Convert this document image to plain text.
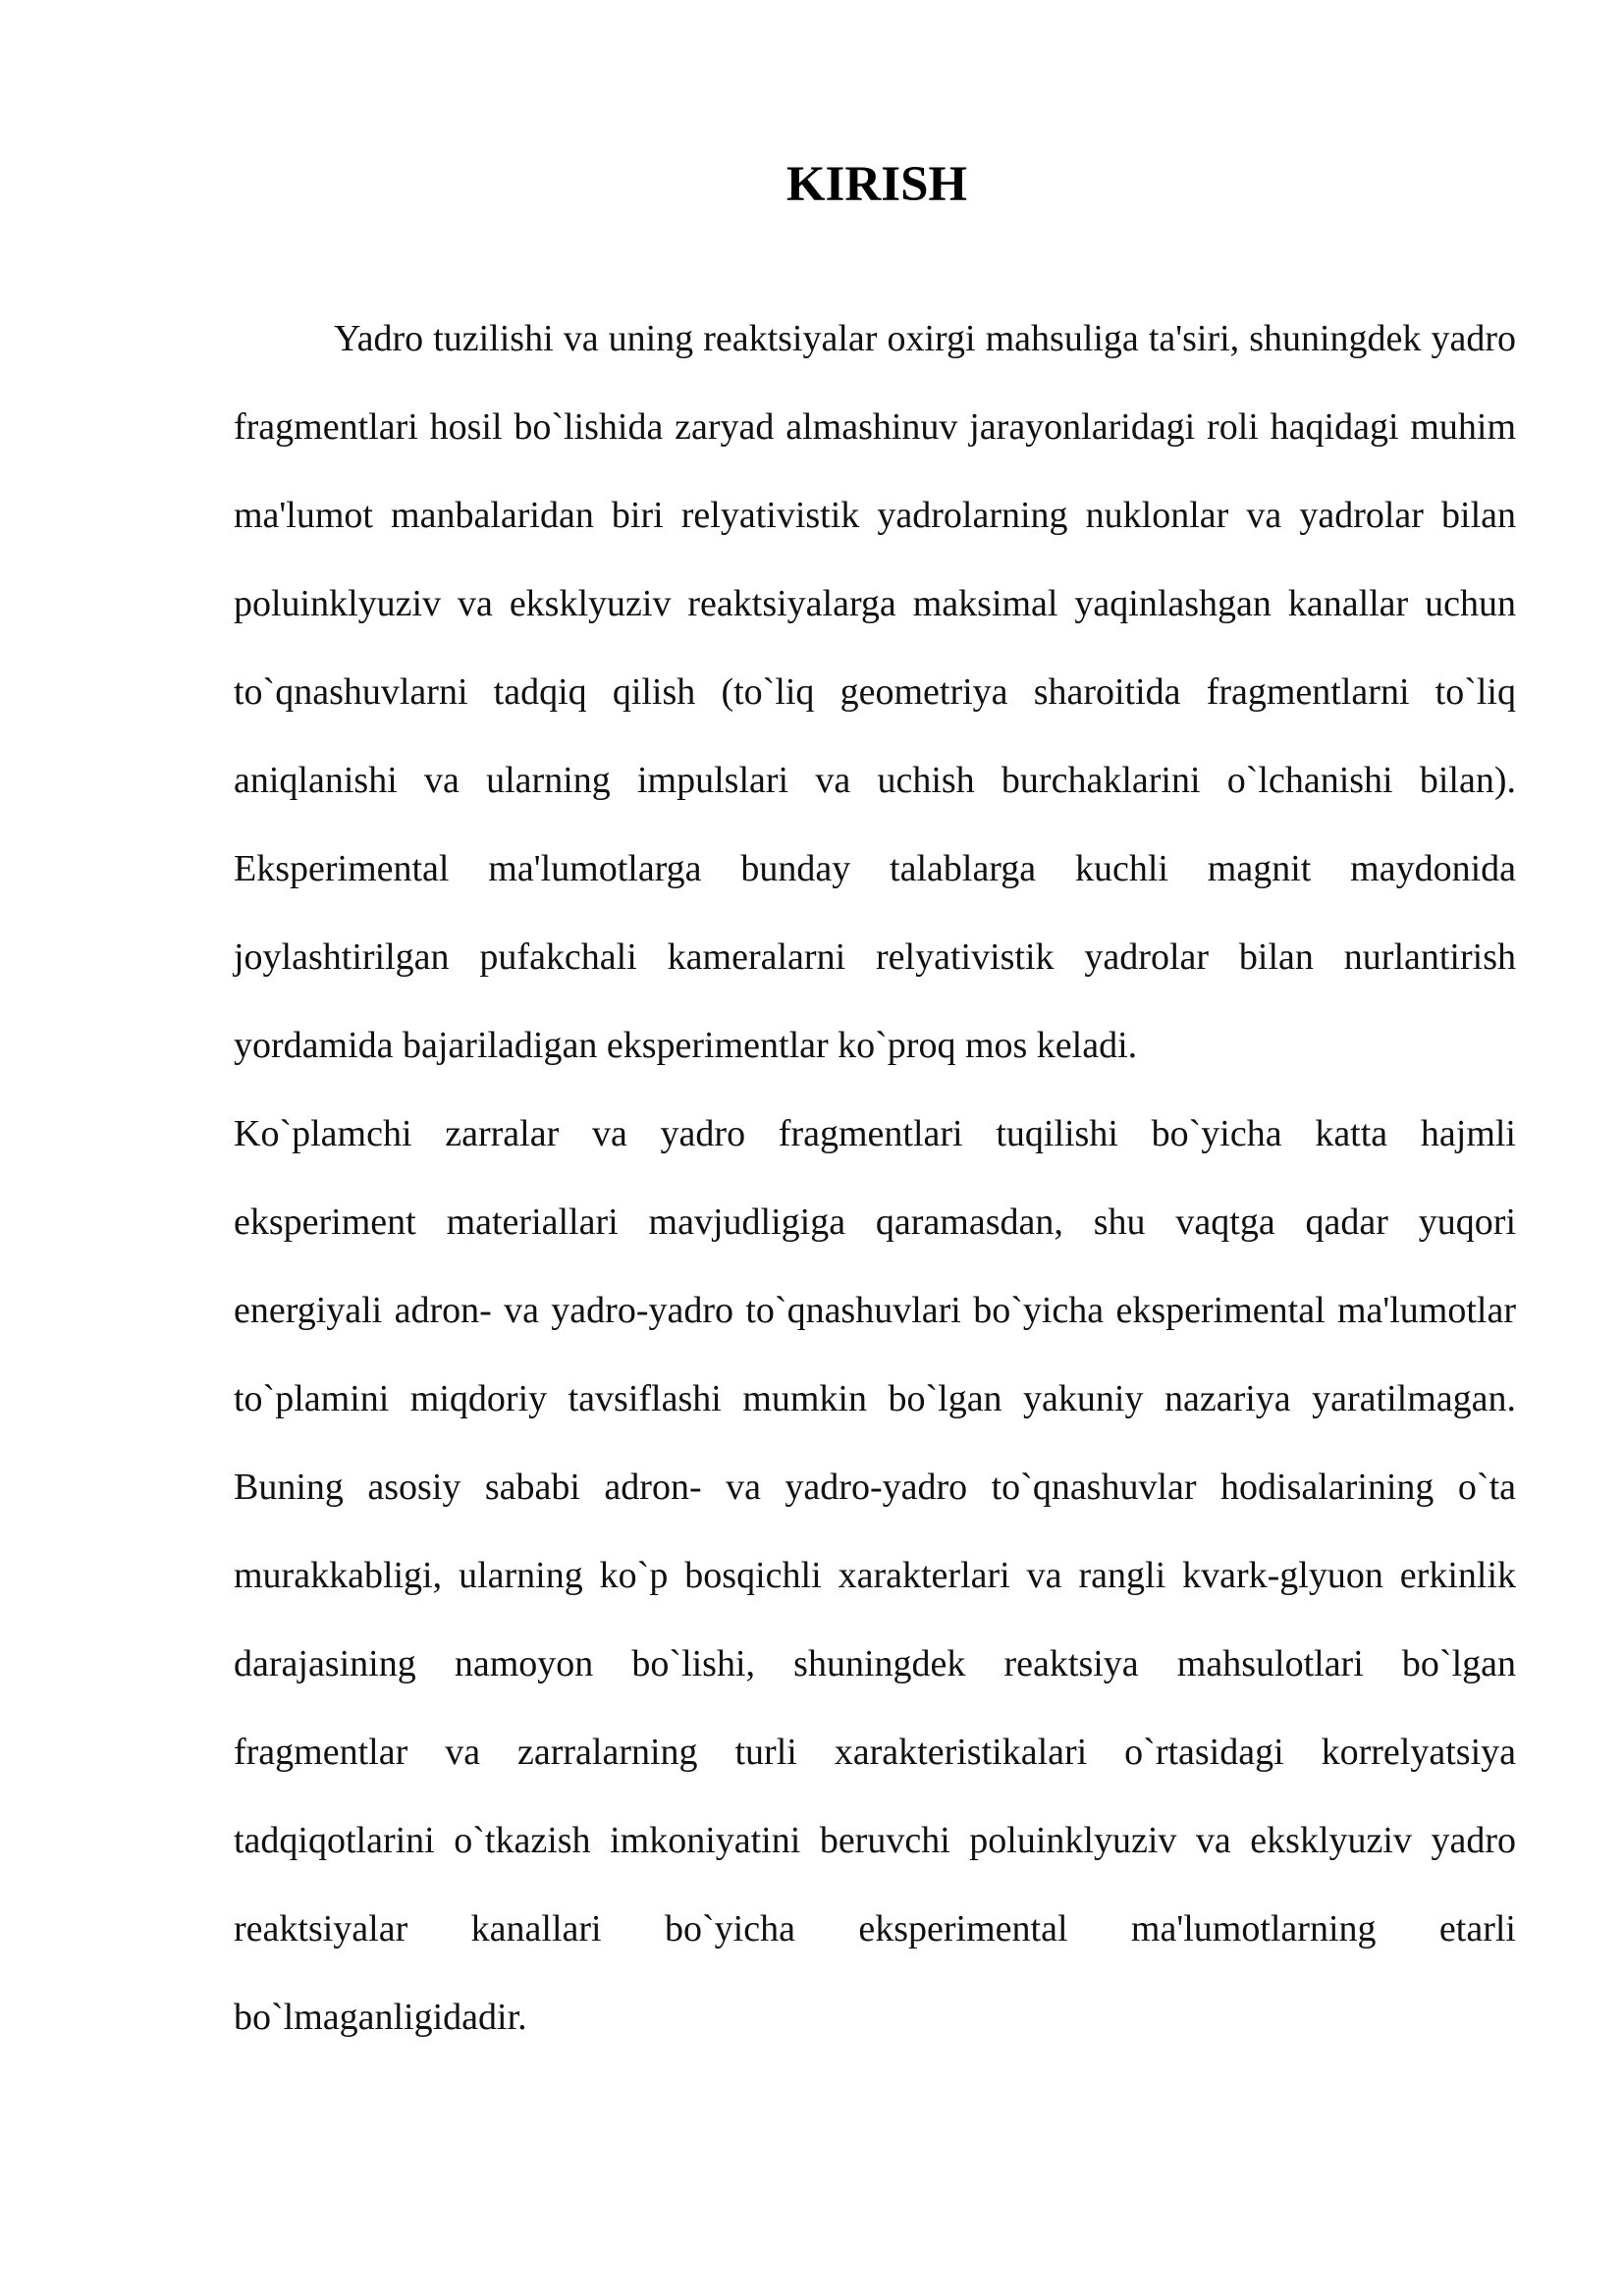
KIRISH

Yadro tuzilishi va uning reaktsiyalar oxirgi mahsuliga ta'siri, shuningdek yadro fragmentlari hosil bo`lishida zaryad almashinuv jarayonlaridagi roli haqidagi muhim ma'lumot manbalaridan biri relyativistik yadrolarning nuklonlar va yadrolar bilan poluinklyuziv va eksklyuziv reaktsiyalarga maksimal yaqinlashgan kanallar uchun to`qnashuvlarni tadqiq qilish (to`liq geometriya sharoitida fragmentlarni to`liq aniqlanishi va ularning impulslari va uchish burchaklarini o`lchanishi bilan). Eksperimental ma'lumotlarga bunday talablarga kuchli magnit maydonida joylashtirilgan pufakchali kameralarni relyativistik yadrolar bilan nurlantirish yordamida bajariladigan eksperimentlar ko`proq mos keladi.

Ko`plamchi zarralar va yadro fragmentlari tuqilishi bo`yicha katta hajmli eksperiment materiallari mavjudligiga qaramasdan, shu vaqtga qadar yuqori energiyali adron- va yadro-yadro to`qnashuvlari bo`yicha eksperimental ma'lumotlar to`plamini miqdoriy tavsiflashi mumkin bo`lgan yakuniy nazariya yaratilmagan. Buning asosiy sababi adron- va yadro-yadro to`qnashuvlar hodisalarining o`ta murakkabligi, ularning ko`p bosqichli xarakterlari va rangli kvark-glyuon erkinlik darajasining namoyon bo`lishi, shuningdek reaktsiya mahsulotlari bo`lgan fragmentlar va zarralarning turli xarakteristikalari o`rtasidagi korrelyatsiya tadqiqotlarini o`tkazish imkoniyatini beruvchi poluinklyuziv va eksklyuziv yadro reaktsiyalar kanallari bo`yicha eksperimental ma'lumotlarning etarli bo`lmaganligidadir.
